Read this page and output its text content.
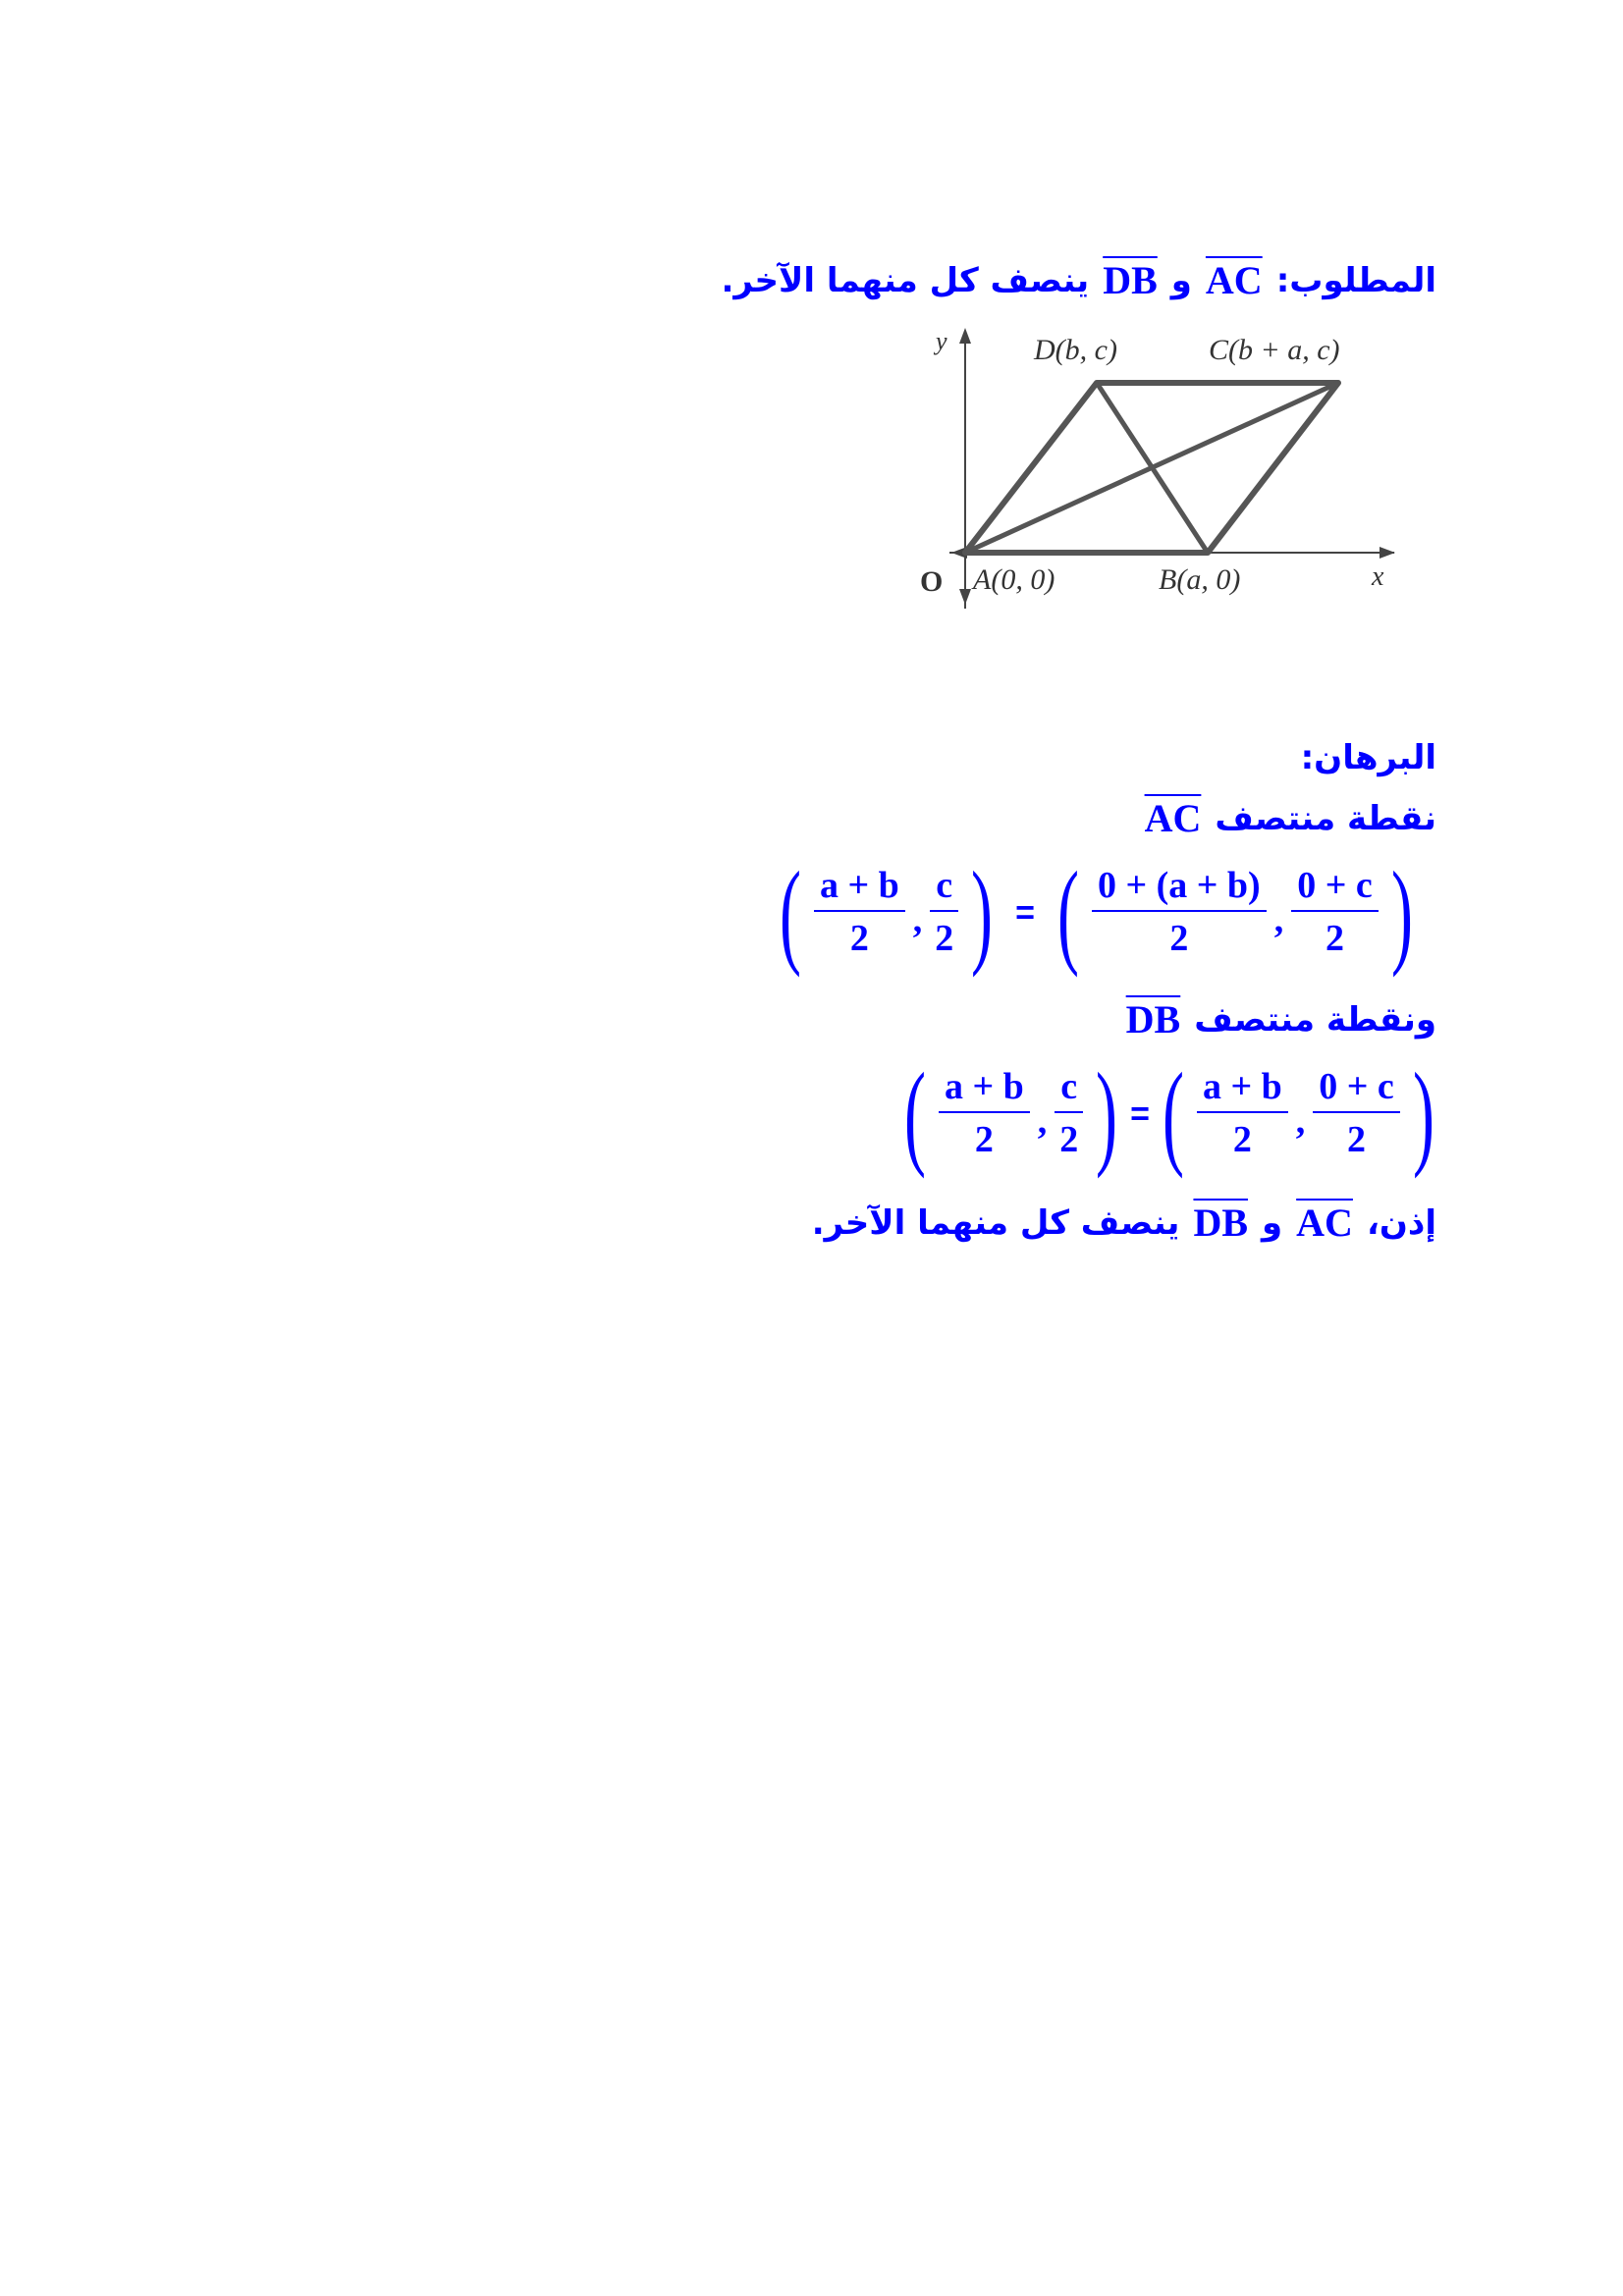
المطلوب:
$\overline{AC}$
و
$\overline{DB}$
ينصف كل منهما الآخر.
y
x
O A(0, 0)	B(a, 0)
D(b, c)	C(b + a, c)
البرهان:
نقطة منتصف
$\overline{AC}$
( $\frac{a + b}{2}$ , $\frac{c}{2}$ ) = ( $\frac{0 + (a + b)}{2}$ , $\frac{0 + c}{2}$ )
ونقطة منتصف
$\overline{DB}$
( $\frac{a + b}{2}$ , $\frac{c}{2}$ ) = ( $\frac{a + b}{2}$ , $\frac{0 + c}{2}$ )
إذن،
$\overline{AC}$
و
$\overline{DB}$
ينصف كل منهما الآخر.
